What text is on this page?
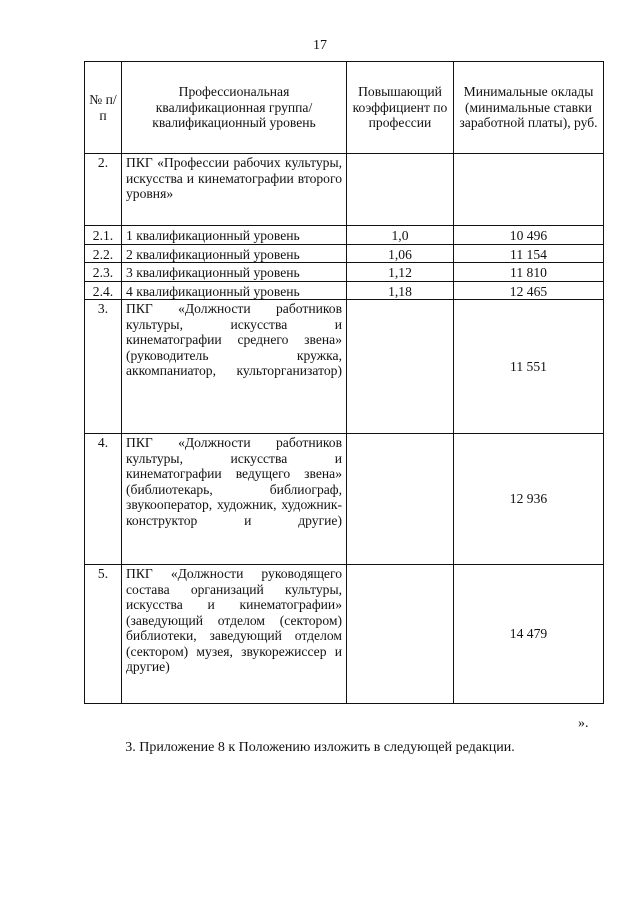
17
№ п/п	Профессиональная квалификационная группа/квалификационный уровень	Повышающий коэффициент по профессии	Минимальные оклады (минимальные ставки заработной платы), руб.
2.	ПКГ «Профессии рабочих культуры, искусства и кинематографии второго уровня»		
2.1.	1 квалификационный уровень	1,0	10 496
2.2.	2 квалификационный уровень	1,06	11 154
2.3.	3 квалификационный уровень	1,12	11 810
2.4.	4 квалификационный уровень	1,18	12 465
3.	ПКГ «Должности работников культуры, искусства и кинематографии среднего звена» (руководитель кружка, аккомпаниатор, культорганизатор)		11 551
4.	ПКГ «Должности работников культуры, искусства и кинематографии ведущего звена» (библиотекарь, библиограф, звукооператор, художник, художник-конструктор и другие)		12 936
5.	ПКГ «Должности руководящего состава организаций культуры, искусства и кинематографии» (заведующий отделом (сектором) библиотеки, заведующий отделом (сектором) музея, звукорежиссер и другие)		14 479
».
3. Приложение 8 к Положению изложить в следующей редакции.
